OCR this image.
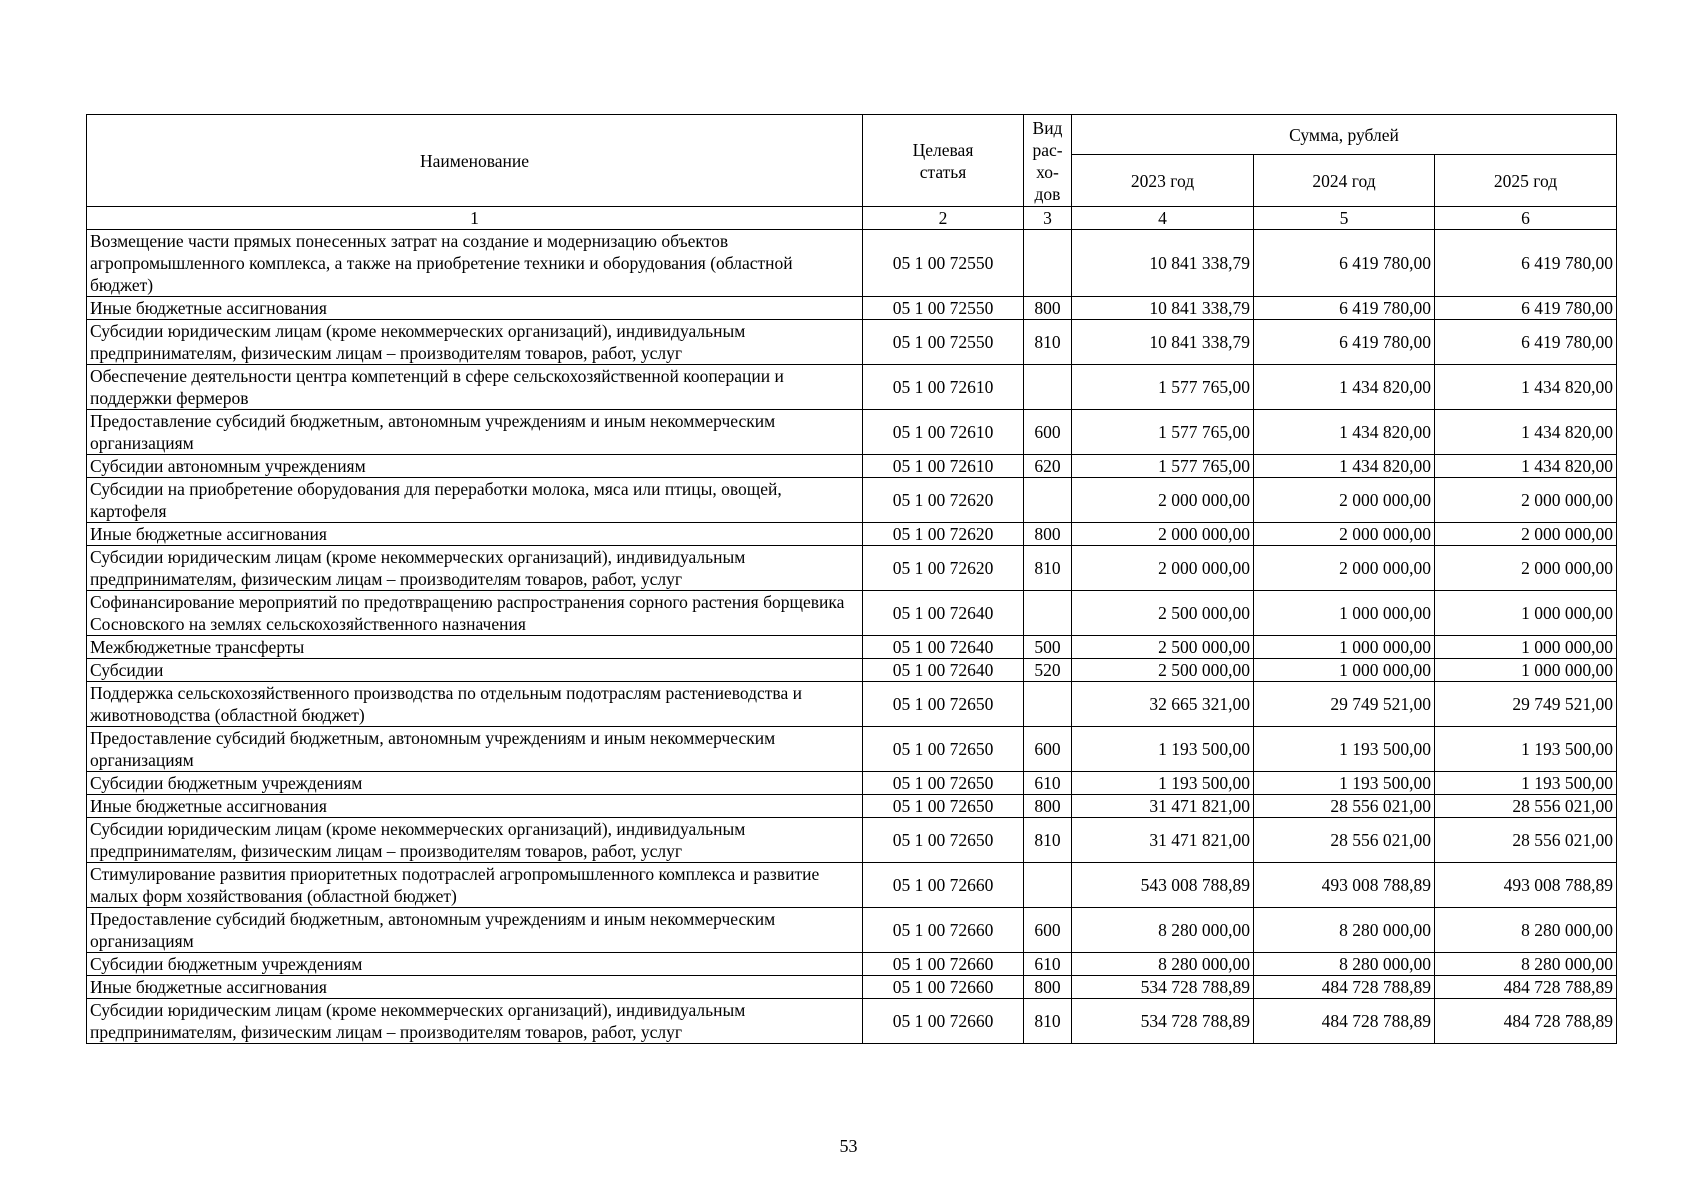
Наименование	Целевая статья	Вид рас-хо-дов	Сумма, рублей		
			2023 год	2024 год	2025 год
1	2	3	4	5	6
Возмещение части прямых понесенных затрат на создание и модернизацию объектов агропромышленного комплекса, а также на приобретение техники и оборудования (областной бюджет)	05 1 00 72550		10 841 338,79	6 419 780,00	6 419 780,00
Иные бюджетные ассигнования	05 1 00 72550	800	10 841 338,79	6 419 780,00	6 419 780,00
Субсидии юридическим лицам (кроме некоммерческих организаций), индивидуальным предпринимателям, физическим лицам – производителям товаров, работ, услуг	05 1 00 72550	810	10 841 338,79	6 419 780,00	6 419 780,00
Обеспечение деятельности центра компетенций в сфере сельскохозяйственной кооперации и поддержки фермеров	05 1 00 72610		1 577 765,00	1 434 820,00	1 434 820,00
Предоставление субсидий бюджетным, автономным учреждениям и иным некоммерческим организациям	05 1 00 72610	600	1 577 765,00	1 434 820,00	1 434 820,00
Субсидии автономным учреждениям	05 1 00 72610	620	1 577 765,00	1 434 820,00	1 434 820,00
Субсидии на приобретение оборудования для переработки молока, мяса или птицы, овощей, картофеля	05 1 00 72620		2 000 000,00	2 000 000,00	2 000 000,00
Иные бюджетные ассигнования	05 1 00 72620	800	2 000 000,00	2 000 000,00	2 000 000,00
Субсидии юридическим лицам (кроме некоммерческих организаций), индивидуальным предпринимателям, физическим лицам – производителям товаров, работ, услуг	05 1 00 72620	810	2 000 000,00	2 000 000,00	2 000 000,00
Софинансирование мероприятий по предотвращению распространения сорного растения борщевика Сосновского на землях сельскохозяйственного назначения	05 1 00 72640		2 500 000,00	1 000 000,00	1 000 000,00
Межбюджетные трансферты	05 1 00 72640	500	2 500 000,00	1 000 000,00	1 000 000,00
Субсидии	05 1 00 72640	520	2 500 000,00	1 000 000,00	1 000 000,00
Поддержка сельскохозяйственного производства по отдельным подотраслям растениеводства и животноводства (областной бюджет)	05 1 00 72650		32 665 321,00	29 749 521,00	29 749 521,00
Предоставление субсидий бюджетным, автономным учреждениям и иным некоммерческим организациям	05 1 00 72650	600	1 193 500,00	1 193 500,00	1 193 500,00
Субсидии бюджетным учреждениям	05 1 00 72650	610	1 193 500,00	1 193 500,00	1 193 500,00
Иные бюджетные ассигнования	05 1 00 72650	800	31 471 821,00	28 556 021,00	28 556 021,00
Субсидии юридическим лицам (кроме некоммерческих организаций), индивидуальным предпринимателям, физическим лицам – производителям товаров, работ, услуг	05 1 00 72650	810	31 471 821,00	28 556 021,00	28 556 021,00
Стимулирование развития приоритетных подотраслей агропромышленного комплекса и развитие малых форм хозяйствования (областной бюджет)	05 1 00 72660		543 008 788,89	493 008 788,89	493 008 788,89
Предоставление субсидий бюджетным, автономным учреждениям и иным некоммерческим организациям	05 1 00 72660	600	8 280 000,00	8 280 000,00	8 280 000,00
Субсидии бюджетным учреждениям	05 1 00 72660	610	8 280 000,00	8 280 000,00	8 280 000,00
Иные бюджетные ассигнования	05 1 00 72660	800	534 728 788,89	484 728 788,89	484 728 788,89
Субсидии юридическим лицам (кроме некоммерческих организаций), индивидуальным предпринимателям, физическим лицам – производителям товаров, работ, услуг	05 1 00 72660	810	534 728 788,89	484 728 788,89	484 728 788,89
53
